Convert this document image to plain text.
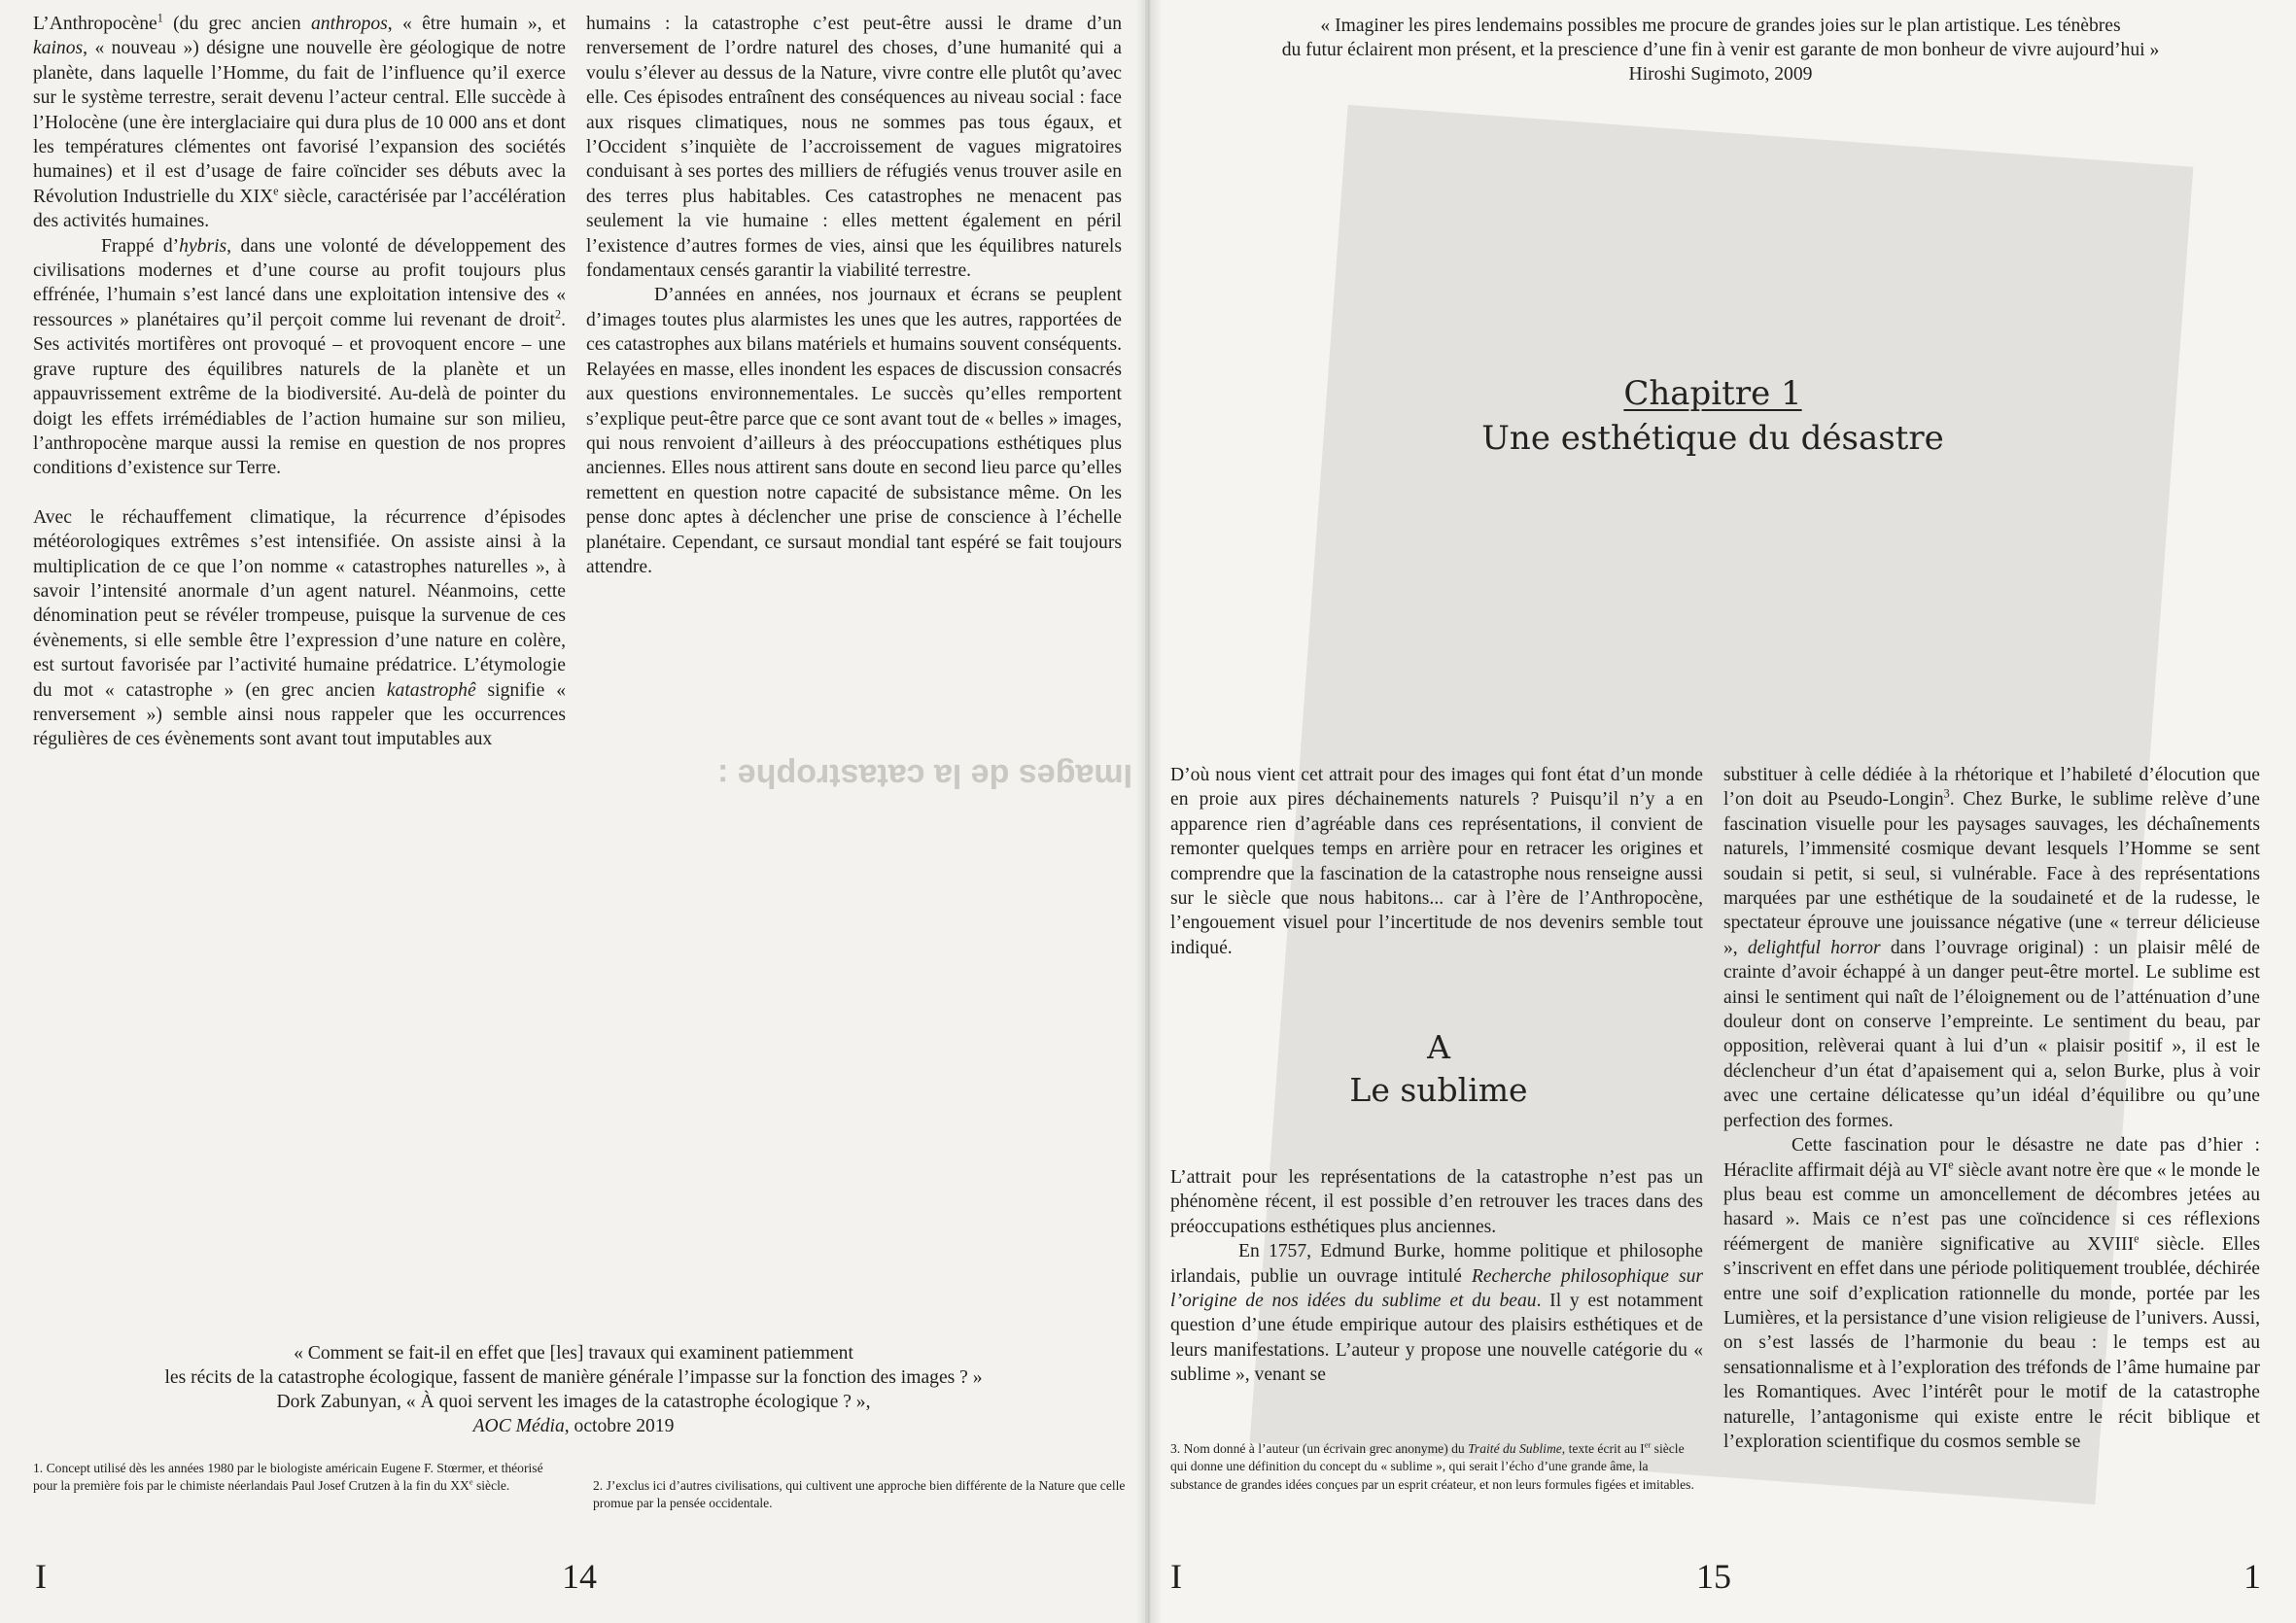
Images de la catastrophe :

L’Anthropocène$^1$ (du grec ancien anthropos, « être humain », et kainos, « nouveau ») désigne une nouvelle ère géologique de notre planète, dans laquelle l’Homme, du fait de l’influence qu’il exerce sur le système terrestre, serait devenu l’acteur central. Elle succède à l’Holocène (une ère interglaciaire qui dura plus de 10 000 ans et dont les températures clémentes ont favorisé l’expansion des sociétés humaines) et il est d’usage de faire coïncider ses débuts avec la Révolution Industrielle du XIXe siècle, caractérisée par l’accélération des activités humaines.

Frappé d’hybris, dans une volonté de développement des civilisations modernes et d’une course au profit toujours plus effrénée, l’humain s’est lancé dans une exploitation intensive des « ressources » planétaires qu’il perçoit comme lui revenant de droit$^2$. Ses activités mortifères ont provoqué – et provoquent encore – une grave rupture des équilibres naturels de la planète et un appauvrissement extrême de la biodiversité. Au-delà de pointer du doigt les effets irrémédiables de l’action humaine sur son milieu, l’anthropocène marque aussi la remise en question de nos propres conditions d’existence sur Terre.

Avec le réchauffement climatique, la récurrence d’épisodes météorologiques extrêmes s’est intensifiée. On assiste ainsi à la multiplication de ce que l’on nomme « catastrophes naturelles », à savoir l’intensité anormale d’un agent naturel. Néanmoins, cette dénomination peut se révéler trompeuse, puisque la survenue de ces évènements, si elle semble être l’expression d’une nature en colère, est surtout favorisée par l’activité humaine prédatrice. L’étymologie du mot « catastrophe » (en grec ancien katastrophê signifie « renversement ») semble ainsi nous rappeler que les occurrences régulières de ces évènements sont avant tout imputables aux

humains : la catastrophe c’est peut-être aussi le drame d’un renversement de l’ordre naturel des choses, d’une humanité qui a voulu s’élever au dessus de la Nature, vivre contre elle plutôt qu’avec elle. Ces épisodes entraînent des conséquences au niveau social : face aux risques climatiques, nous ne sommes pas tous égaux, et l’Occident s’inquiète de l’accroissement de vagues migratoires conduisant à ses portes des milliers de réfugiés venus trouver asile en des terres plus habitables. Ces catastrophes ne menacent pas seulement la vie humaine : elles mettent également en péril l’existence d’autres formes de vies, ainsi que les équilibres naturels fondamentaux censés garantir la viabilité terrestre.

D’années en années, nos journaux et écrans se peuplent d’images toutes plus alarmistes les unes que les autres, rapportées de ces catastrophes aux bilans matériels et humains souvent conséquents. Relayées en masse, elles inondent les espaces de discussion consacrés aux questions environnementales. Le succès qu’elles remportent s’explique peut-être parce que ce sont avant tout de « belles » images, qui nous renvoient d’ailleurs à des préoccupations esthétiques plus anciennes. Elles nous attirent sans doute en second lieu parce qu’elles remettent en question notre capacité de subsistance même. On les pense donc aptes à déclencher une prise de conscience à l’échelle planétaire. Cependant, ce sursaut mondial tant espéré se fait toujours attendre.

« Comment se fait-il en effet que [les] travaux qui examinent patiemment
les récits de la catastrophe écologique, fassent de manière générale l’impasse sur la fonction des images ? »
Dork Zabunyan, « À quoi servent les images de la catastrophe écologique ? »,
AOC Média, octobre 2019

1. Concept utilisé dès les années 1980 par le biologiste américain Eugene F. Stœrmer, et théorisé pour la première fois par le chimiste néerlandais Paul Josef Crutzen à la fin du XXe siècle.	2. J’exclus ici d’autres civilisations, qui cultivent une approche bien différente de la Nature que celle promue par la pensée occidentale.

I	14
« Imaginer les pires lendemains possibles me procure de grandes joies sur le plan artistique. Les ténèbres
du futur éclairent mon présent, et la prescience d’une fin à venir est garante de mon bonheur de vivre aujourd’hui »
Hiroshi Sugimoto, 2009
Chapitre 1
Une esthétique du désastre

D’où nous vient cet attrait pour des images qui font état d’un monde en proie aux pires déchainements naturels ? Puisqu’il n’y a en apparence rien d’agréable dans ces représentations, il convient de remonter quelques temps en arrière pour en retracer les origines et comprendre que la fascination de la catastrophe nous renseigne aussi sur le siècle que nous habitons... car à l’ère de l’Anthropocène, l’engouement visuel pour l’incertitude de nos devenirs semble tout indiqué.

A
Le sublime

L’attrait pour les représentations de la catastrophe n’est pas un phénomène récent, il est possible d’en retrouver les traces dans des préoccupations esthétiques plus anciennes.

En 1757, Edmund Burke, homme politique et philosophe irlandais, publie un ouvrage intitulé Recherche philosophique sur l’origine de nos idées du sublime et du beau. Il y est notamment question d’une étude empirique autour des plaisirs esthétiques et de leurs manifestations. L’auteur y propose une nouvelle catégorie du « sublime », venant se

3. Nom donné à l’auteur (un écrivain grec anonyme) du Traité du Sublime, texte écrit au Ier siècle qui donne une définition du concept du « sublime », qui serait l’écho d’une grande âme, la substance de grandes idées conçues par un esprit créateur, et non leurs formules figées et imitables.

substituer à celle dédiée à la rhétorique et l’habileté d’élocution que l’on doit au Pseudo-Longin$^3$. Chez Burke, le sublime relève d’une fascination visuelle pour les paysages sauvages, les déchaînements naturels, l’immensité cosmique devant lesquels l’Homme se sent soudain si petit, si seul, si vulnérable. Face à des représentations marquées par une esthétique de la soudaineté et de la rudesse, le spectateur éprouve une jouissance négative (une « terreur délicieuse », delightful horror dans l’ouvrage original) : un plaisir mêlé de crainte d’avoir échappé à un danger peut-être mortel. Le sublime est ainsi le sentiment qui naît de l’éloignement ou de l’atténuation d’une douleur dont on conserve l’empreinte. Le sentiment du beau, par opposition, relèverai quant à lui d’un « plaisir positif », il est le déclencheur d’un état d’apaisement qui a, selon Burke, plus à voir avec une certaine délicatesse qu’un idéal d’équilibre ou qu’une perfection des formes.

Cette fascination pour le désastre ne date pas d’hier : Héraclite affirmait déjà au VIe siècle avant notre ère que « le monde le plus beau est comme un amoncellement de décombres jetées au hasard ». Mais ce n’est pas une coïncidence si ces réflexions réémergent de manière significative au XVIIIe siècle. Elles s’inscrivent en effet dans une période politiquement troublée, déchirée entre une soif d’explication rationnelle du monde, portée par les Lumières, et la persistance d’une vision religieuse de l’univers. Aussi, on s’est lassés de l’harmonie du beau : le temps est au sensationnalisme et à l’exploration des tréfonds de l’âme humaine par les Romantiques. Avec l’intérêt pour le motif de la catastrophe naturelle, l’antagonisme qui existe entre le récit biblique et l’exploration scientifique du cosmos semble se

I	15	1
